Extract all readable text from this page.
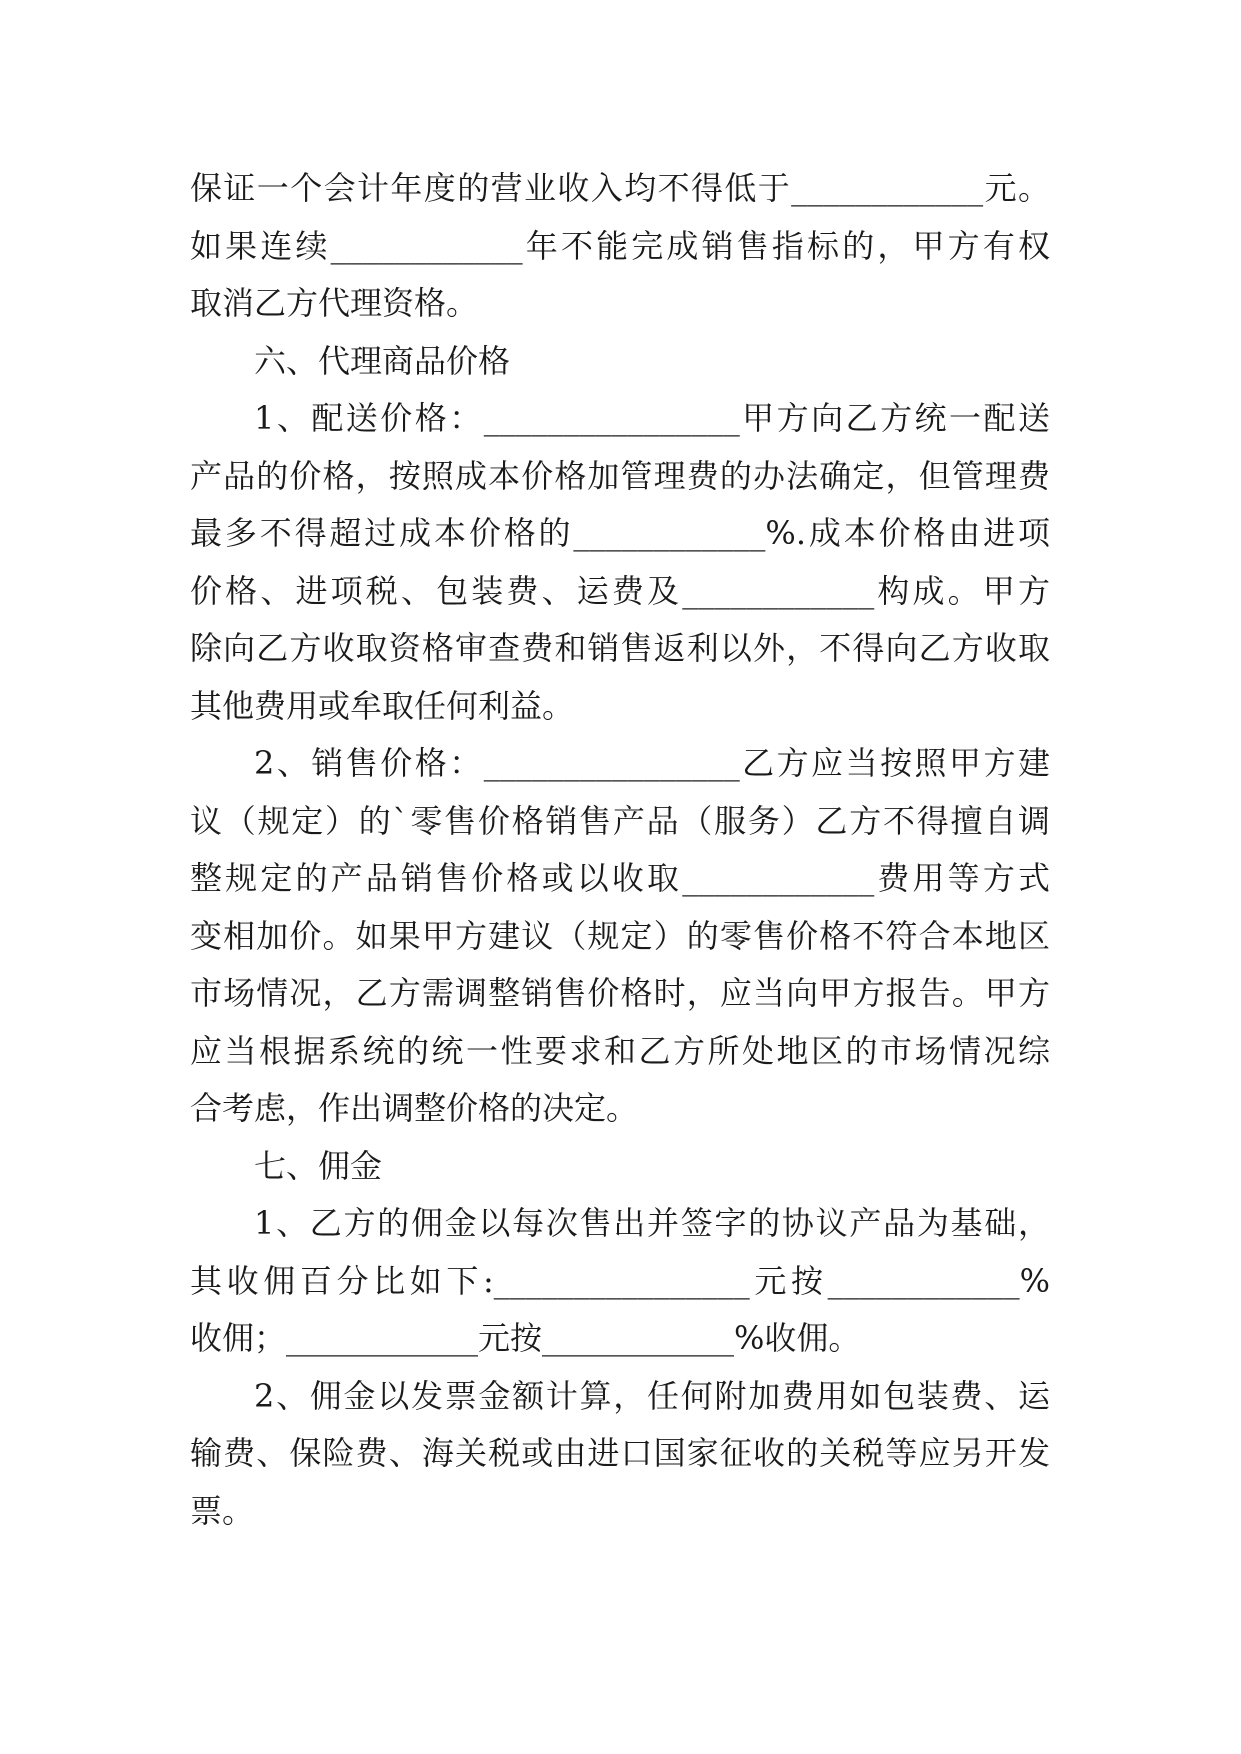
保证一个会计年度的营业收入均不得低于____________元。
如果连续____________年不能完成销售指标的，甲方有权
取消乙方代理资格。
六、代理商品价格
1、配送价格：________________甲方向乙方统一配送
产品的价格，按照成本价格加管理费的办法确定，但管理费
最多不得超过成本价格的____________%.成本价格由进项
价格、进项税、包装费、运费及____________构成。甲方
除向乙方收取资格审查费和销售返利以外，不得向乙方收取
其他费用或牟取任何利益。
2、销售价格：________________乙方应当按照甲方建
议（规定）的`零售价格销售产品（服务）乙方不得擅自调
整规定的产品销售价格或以收取____________费用等方式
变相加价。如果甲方建议（规定）的零售价格不符合本地区
市场情况，乙方需调整销售价格时，应当向甲方报告。甲方
应当根据系统的统一性要求和乙方所处地区的市场情况综
合考虑，作出调整价格的决定。
七、佣金
1、乙方的佣金以每次售出并签字的协议产品为基础，
其收佣百分比如下:________________元按____________%
收佣；____________元按____________%收佣。
2、佣金以发票金额计算，任何附加费用如包装费、运
输费、保险费、海关税或由进口国家征收的关税等应另开发
票。
